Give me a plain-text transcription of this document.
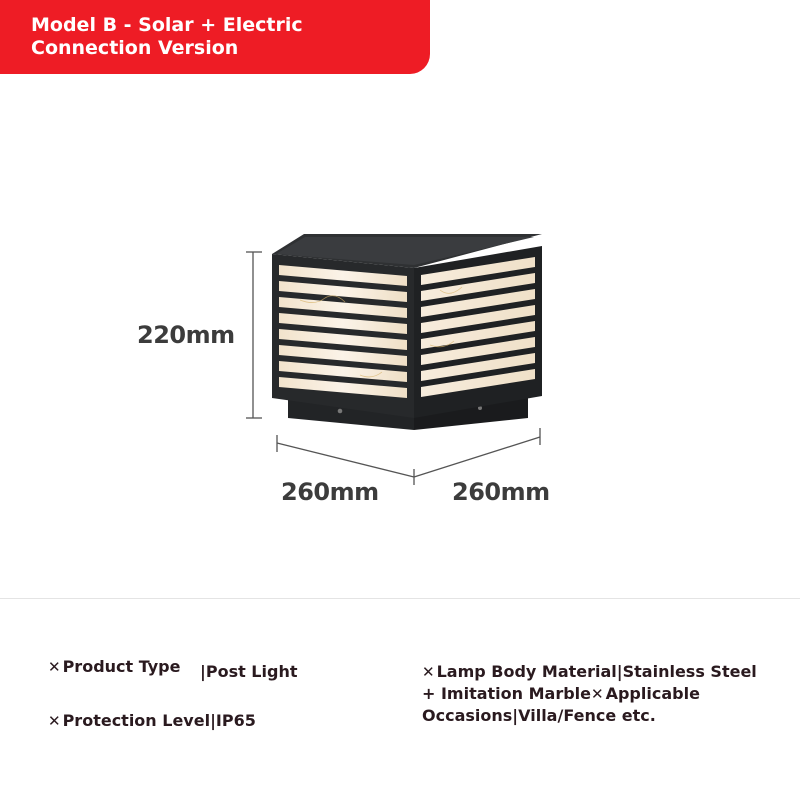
Model B - Solar + Electric Connection Version
220mm
260mm	260mm
✕ Product Type |Post Light
✕ Protection Level|IP65
✕ Lamp Body Material|Stainless Steel
+ Imitation Marble✕ Applicable
Occasions|Villa/Fence etc.
